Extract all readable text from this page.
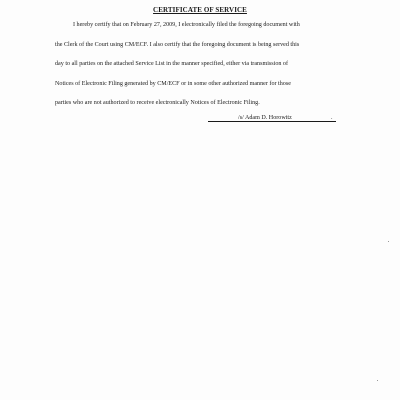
CERTIFICATE OF SERVICE
I hereby certify that on February 27, 2009, I electronically filed the foregoing document with
the Clerk of the Court using CM/ECF. I also certify that the foregoing document is being served this
day to all parties on the attached Service List in the manner specified, either via transmission of
Notices of Electronic Filing generated by CM/ECF or in some other authorized manner for those
parties who are not authorized to receive electronically Notices of Electronic Filing.
/s/ Adam D. Horowitz	.
